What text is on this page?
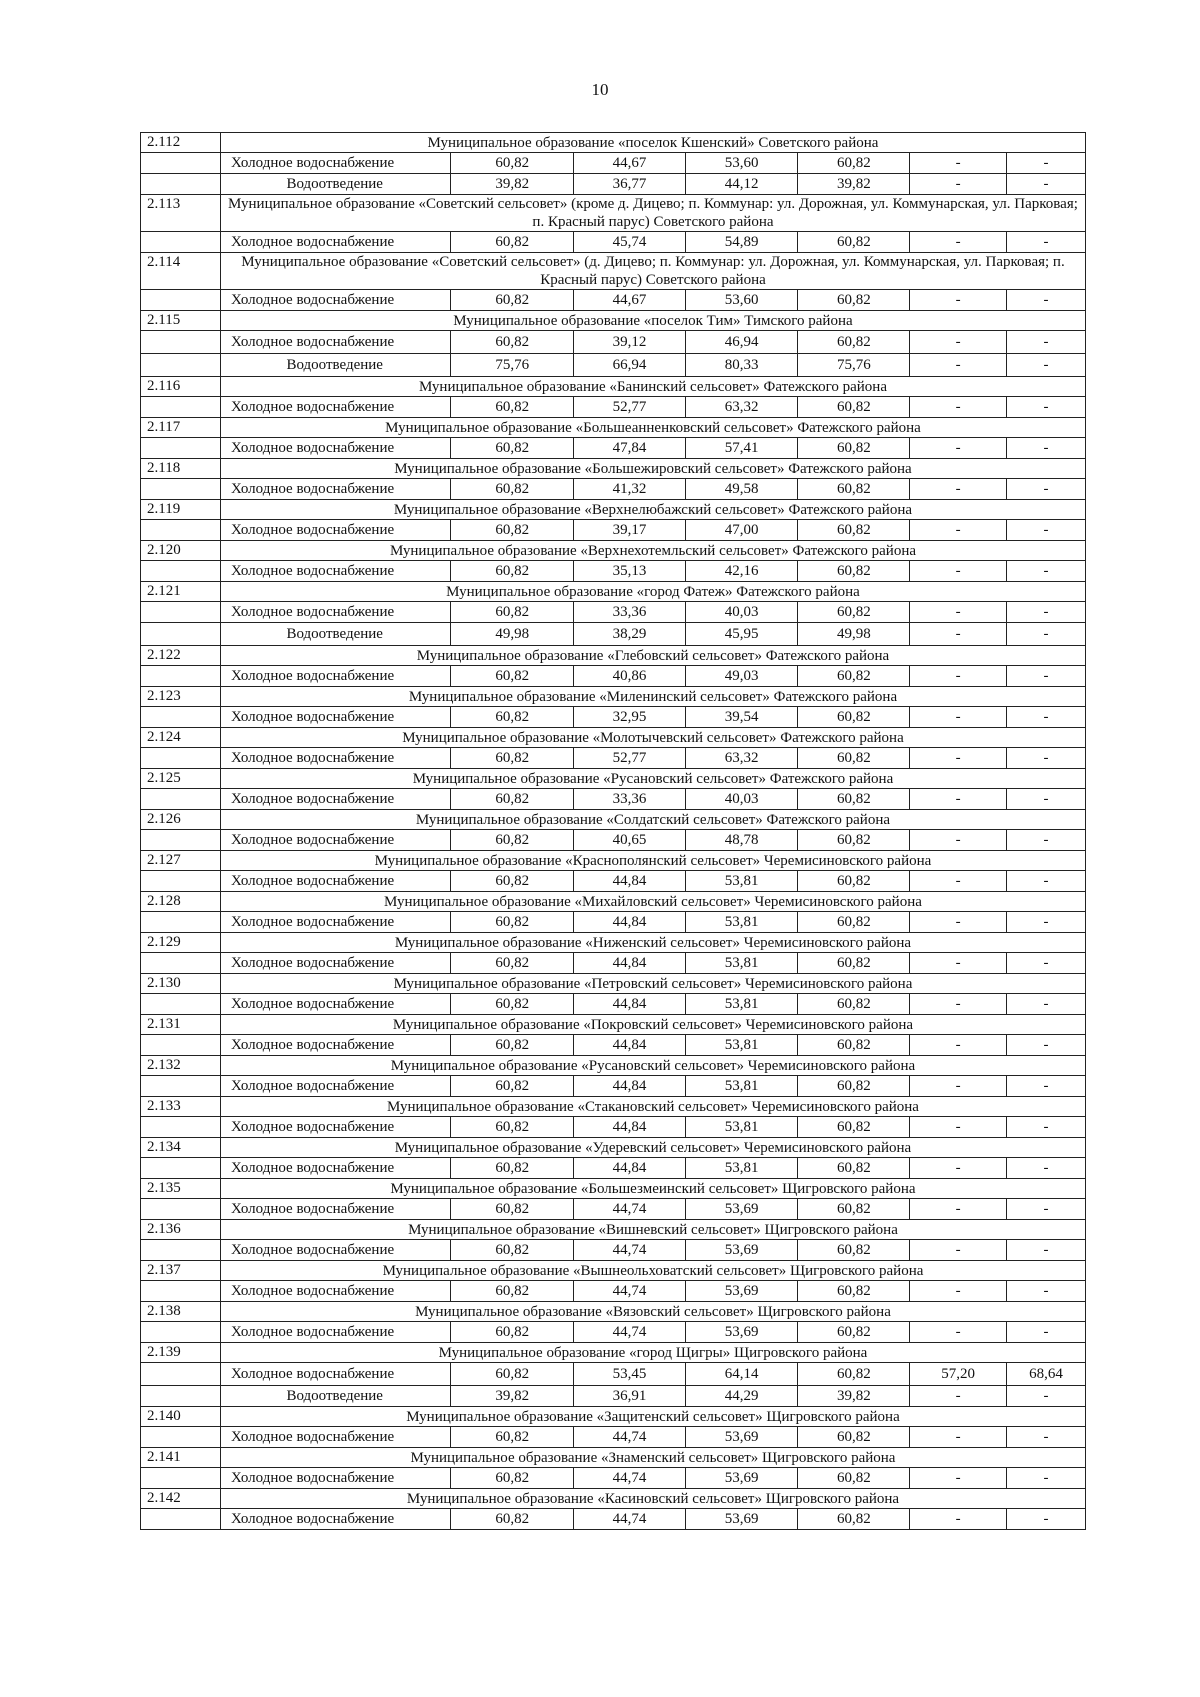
10
2.112	Муниципальное образование «поселок Кшенский» Советского района						
	Холодное водоснабжение	60,82	44,67	53,60	60,82	-	-
	Водоотведение	39,82	36,77	44,12	39,82	-	-
2.113	Муниципальное образование «Советский сельсовет» (кроме д. Дицево; п. Коммунар: ул. Дорожная, ул. Коммунарская, ул. Парковая; п. Красный парус) Советского района						
	Холодное водоснабжение	60,82	45,74	54,89	60,82	-	-
2.114	Муниципальное образование «Советский сельсовет» (д. Дицево; п. Коммунар: ул. Дорожная, ул. Коммунарская, ул. Парковая; п. Красный парус) Советского района						
	Холодное водоснабжение	60,82	44,67	53,60	60,82	-	-
2.115	Муниципальное образование «поселок Тим» Тимского района						
	Холодное водоснабжение	60,82	39,12	46,94	60,82	-	-
	Водоотведение	75,76	66,94	80,33	75,76	-	-
2.116	Муниципальное образование «Банинский сельсовет» Фатежского района						
	Холодное водоснабжение	60,82	52,77	63,32	60,82	-	-
2.117	Муниципальное образование «Большеанненковский сельсовет» Фатежского района						
	Холодное водоснабжение	60,82	47,84	57,41	60,82	-	-
2.118	Муниципальное образование «Большежировский сельсовет» Фатежского района						
	Холодное водоснабжение	60,82	41,32	49,58	60,82	-	-
2.119	Муниципальное образование «Верхнелюбажский сельсовет» Фатежского района						
	Холодное водоснабжение	60,82	39,17	47,00	60,82	-	-
2.120	Муниципальное образование «Верхнехотемльский сельсовет» Фатежского района						
	Холодное водоснабжение	60,82	35,13	42,16	60,82	-	-
2.121	Муниципальное образование «город Фатеж» Фатежского района						
	Холодное водоснабжение	60,82	33,36	40,03	60,82	-	-
	Водоотведение	49,98	38,29	45,95	49,98	-	-
2.122	Муниципальное образование «Глебовский сельсовет» Фатежского района						
	Холодное водоснабжение	60,82	40,86	49,03	60,82	-	-
2.123	Муниципальное образование «Миленинский сельсовет» Фатежского района						
	Холодное водоснабжение	60,82	32,95	39,54	60,82	-	-
2.124	Муниципальное образование «Молотычевский сельсовет» Фатежского района						
	Холодное водоснабжение	60,82	52,77	63,32	60,82	-	-
2.125	Муниципальное образование «Русановский сельсовет» Фатежского района						
	Холодное водоснабжение	60,82	33,36	40,03	60,82	-	-
2.126	Муниципальное образование «Солдатский сельсовет» Фатежского района						
	Холодное водоснабжение	60,82	40,65	48,78	60,82	-	-
2.127	Муниципальное образование «Краснополянский сельсовет» Черемисиновского района						
	Холодное водоснабжение	60,82	44,84	53,81	60,82	-	-
2.128	Муниципальное образование «Михайловский сельсовет» Черемисиновского района						
	Холодное водоснабжение	60,82	44,84	53,81	60,82	-	-
2.129	Муниципальное образование «Ниженский сельсовет» Черемисиновского района						
	Холодное водоснабжение	60,82	44,84	53,81	60,82	-	-
2.130	Муниципальное образование «Петровский сельсовет» Черемисиновского района						
	Холодное водоснабжение	60,82	44,84	53,81	60,82	-	-
2.131	Муниципальное образование «Покровский сельсовет» Черемисиновского района						
	Холодное водоснабжение	60,82	44,84	53,81	60,82	-	-
2.132	Муниципальное образование «Русановский сельсовет» Черемисиновского района						
	Холодное водоснабжение	60,82	44,84	53,81	60,82	-	-
2.133	Муниципальное образование «Стакановский сельсовет» Черемисиновского района						
	Холодное водоснабжение	60,82	44,84	53,81	60,82	-	-
2.134	Муниципальное образование «Удеревский сельсовет» Черемисиновского района						
	Холодное водоснабжение	60,82	44,84	53,81	60,82	-	-
2.135	Муниципальное образование «Большезмеинский сельсовет» Щигровского района						
	Холодное водоснабжение	60,82	44,74	53,69	60,82	-	-
2.136	Муниципальное образование «Вишневский сельсовет» Щигровского района						
	Холодное водоснабжение	60,82	44,74	53,69	60,82	-	-
2.137	Муниципальное образование «Вышнеольховатский сельсовет» Щигровского района						
	Холодное водоснабжение	60,82	44,74	53,69	60,82	-	-
2.138	Муниципальное образование «Вязовский сельсовет» Щигровского района						
	Холодное водоснабжение	60,82	44,74	53,69	60,82	-	-
2.139	Муниципальное образование «город Щигры» Щигровского района						
	Холодное водоснабжение	60,82	53,45	64,14	60,82	57,20	68,64
	Водоотведение	39,82	36,91	44,29	39,82	-	-
2.140	Муниципальное образование «Защитенский сельсовет» Щигровского района						
	Холодное водоснабжение	60,82	44,74	53,69	60,82	-	-
2.141	Муниципальное образование «Знаменский сельсовет» Щигровского района						
	Холодное водоснабжение	60,82	44,74	53,69	60,82	-	-
2.142	Муниципальное образование «Касиновский сельсовет» Щигровского района						
	Холодное водоснабжение	60,82	44,74	53,69	60,82	-	-
